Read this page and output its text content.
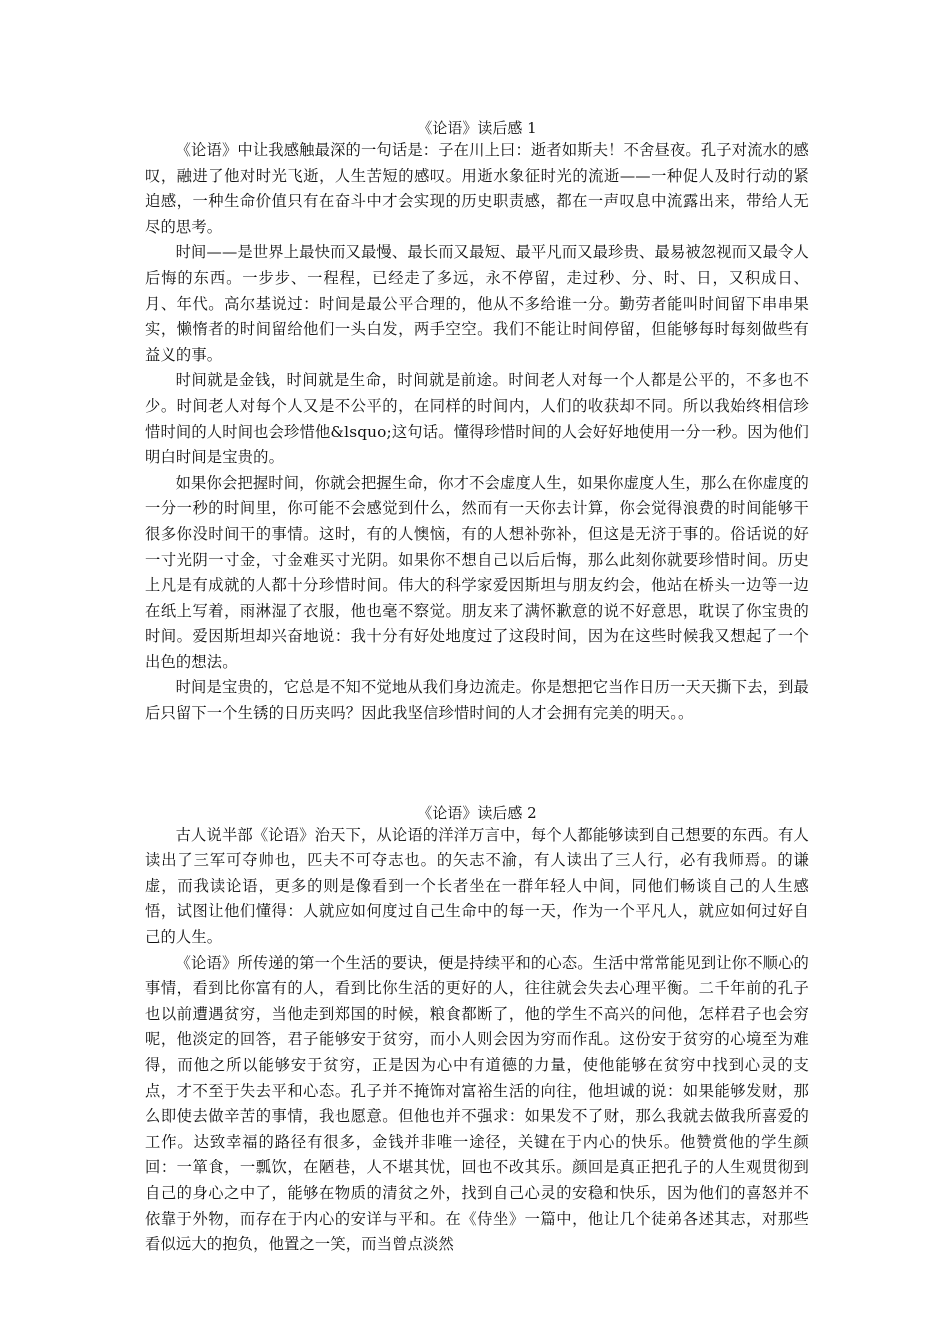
《论语》读后感 1

《论语》中让我感触最深的一句话是：子在川上曰：逝者如斯夫！不舍昼夜。孔子对流水的感叹，融进了他对时光飞逝，人生苦短的感叹。用逝水象征时光的流逝——一种促人及时行动的紧迫感，一种生命价值只有在奋斗中才会实现的历史职责感，都在一声叹息中流露出来，带给人无尽的思考。

时间——是世界上最快而又最慢、最长而又最短、最平凡而又最珍贵、最易被忽视而又最令人后悔的东西。一步步、一程程，已经走了多远，永不停留，走过秒、分、时、日，又积成日、月、年代。高尔基说过：时间是最公平合理的，他从不多给谁一分。勤劳者能叫时间留下串串果实，懒惰者的时间留给他们一头白发，两手空空。我们不能让时间停留，但能够每时每刻做些有益义的事。

时间就是金钱，时间就是生命，时间就是前途。时间老人对每一个人都是公平的，不多也不少。时间老人对每个人又是不公平的，在同样的时间内，人们的收获却不同。所以我始终相信珍惜时间的人时间也会珍惜他&lsquo;这句话。懂得珍惜时间的人会好好地使用一分一秒。因为他们明白时间是宝贵的。

如果你会把握时间，你就会把握生命，你才不会虚度人生，如果你虚度人生，那么在你虚度的一分一秒的时间里，你可能不会感觉到什么，然而有一天你去计算，你会觉得浪费的时间能够干很多你没时间干的事情。这时，有的人懊恼，有的人想补弥补，但这是无济于事的。俗话说的好一寸光阴一寸金，寸金难买寸光阴。如果你不想自己以后后悔，那么此刻你就要珍惜时间。历史上凡是有成就的人都十分珍惜时间。伟大的科学家爱因斯坦与朋友约会，他站在桥头一边等一边在纸上写着，雨淋湿了衣服，他也毫不察觉。朋友来了满怀歉意的说不好意思，耽误了你宝贵的时间。爱因斯坦却兴奋地说：我十分有好处地度过了这段时间，因为在这些时候我又想起了一个出色的想法。

时间是宝贵的，它总是不知不觉地从我们身边流走。你是想把它当作日历一天天撕下去，到最后只留下一个生锈的日历夹吗？因此我坚信珍惜时间的人才会拥有完美的明天。。

《论语》读后感 2

古人说半部《论语》治天下，从论语的洋洋万言中，每个人都能够读到自己想要的东西。有人读出了三军可夺帅也，匹夫不可夺志也。的矢志不渝，有人读出了三人行，必有我师焉。的谦虚，而我读论语，更多的则是像看到一个长者坐在一群年轻人中间，同他们畅谈自己的人生感悟，试图让他们懂得：人就应如何度过自己生命中的每一天，作为一个平凡人，就应如何过好自己的人生。

《论语》所传递的第一个生活的要诀，便是持续平和的心态。生活中常常能见到让你不顺心的事情，看到比你富有的人，看到比你生活的更好的人，往往就会失去心理平衡。二千年前的孔子也以前遭遇贫穷，当他走到郑国的时候，粮食都断了，他的学生不高兴的问他，怎样君子也会穷呢，他淡定的回答，君子能够安于贫穷，而小人则会因为穷而作乱。这份安于贫穷的心境至为难得，而他之所以能够安于贫穷，正是因为心中有道德的力量，使他能够在贫穷中找到心灵的支点，才不至于失去平和心态。孔子并不掩饰对富裕生活的向往，他坦诚的说：如果能够发财，那么即使去做辛苦的事情，我也愿意。但他也并不强求：如果发不了财，那么我就去做我所喜爱的工作。达致幸福的路径有很多，金钱并非唯一途径，关键在于内心的快乐。他赞赏他的学生颜回：一箪食，一瓢饮，在陋巷，人不堪其忧，回也不改其乐。颜回是真正把孔子的人生观贯彻到自己的身心之中了，能够在物质的清贫之外，找到自己心灵的安稳和快乐，因为他们的喜怒并不依靠于外物，而存在于内心的安详与平和。在《侍坐》一篇中，他让几个徒弟各述其志，对那些看似远大的抱负，他置之一笑，而当曾点淡然
